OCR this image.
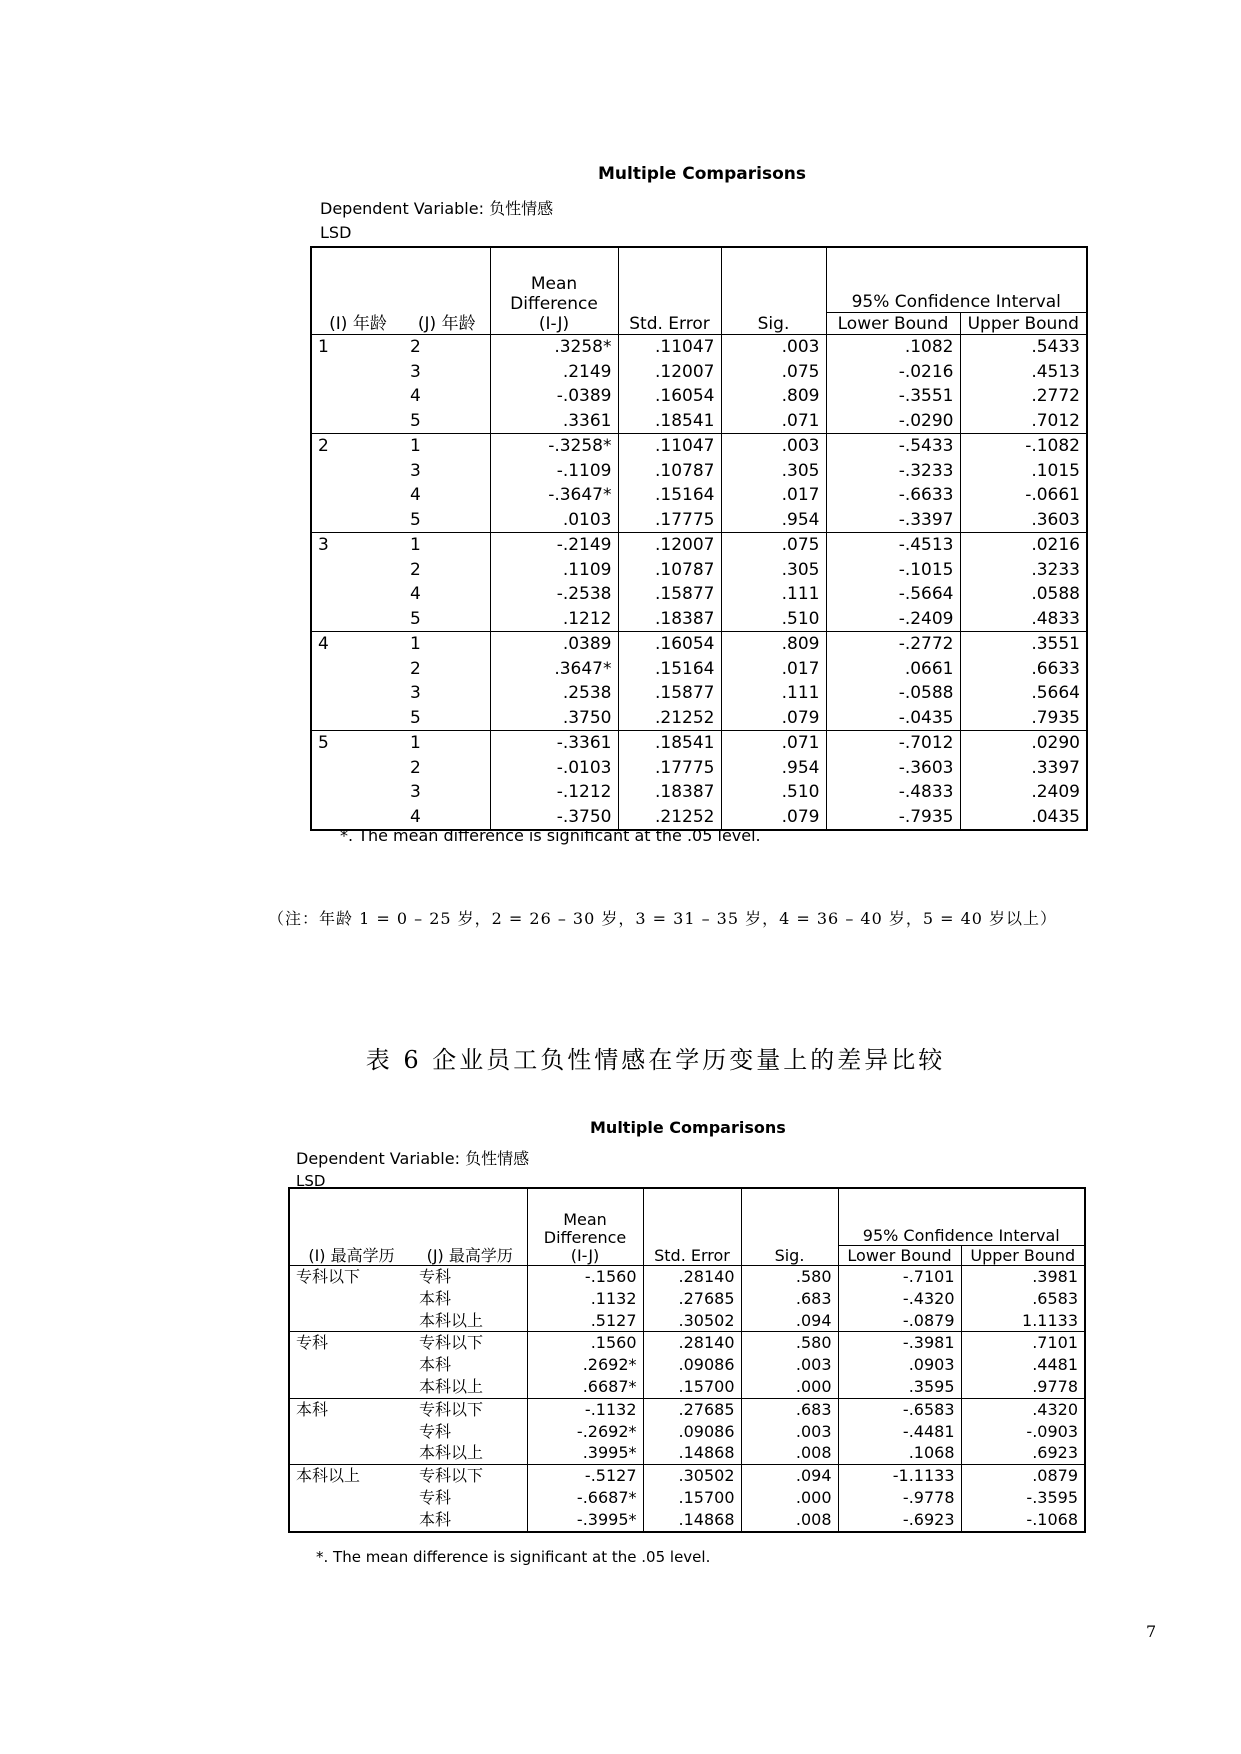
Multiple Comparisons
Dependent Variable: 负性情感
LSD
(I) 年龄	(J) 年龄	Mean
Difference
(I-J)	Std. Error	Sig.	95% Confidence Interval	
					Lower Bound	Upper Bound
1	2	.3258*	.11047	.003	.1082	.5433
	3	.2149	.12007	.075	-.0216	.4513
	4	-.0389	.16054	.809	-.3551	.2772
	5	.3361	.18541	.071	-.0290	.7012
2	1	-.3258*	.11047	.003	-.5433	-.1082
	3	-.1109	.10787	.305	-.3233	.1015
	4	-.3647*	.15164	.017	-.6633	-.0661
	5	.0103	.17775	.954	-.3397	.3603
3	1	-.2149	.12007	.075	-.4513	.0216
	2	.1109	.10787	.305	-.1015	.3233
	4	-.2538	.15877	.111	-.5664	.0588
	5	.1212	.18387	.510	-.2409	.4833
4	1	.0389	.16054	.809	-.2772	.3551
	2	.3647*	.15164	.017	.0661	.6633
	3	.2538	.15877	.111	-.0588	.5664
	5	.3750	.21252	.079	-.0435	.7935
5	1	-.3361	.18541	.071	-.7012	.0290
	2	-.0103	.17775	.954	-.3603	.3397
	3	-.1212	.18387	.510	-.4833	.2409
	4	-.3750	.21252	.079	-.7935	.0435
*. The mean difference is significant at the .05 level.
（注：年龄 1 = 0 – 25 岁，2 = 26 – 30 岁，3 = 31 – 35 岁，4 = 36 – 40 岁，5 = 40 岁以上）
表 6 企业员工负性情感在学历变量上的差异比较
Multiple Comparisons
Dependent Variable: 负性情感
LSD
(I) 最高学历	(J) 最高学历	Mean
Difference
(I-J)	Std. Error	Sig.	95% Confidence Interval	
					Lower Bound	Upper Bound
专科以下	专科	-.1560	.28140	.580	-.7101	.3981
	本科	.1132	.27685	.683	-.4320	.6583
	本科以上	.5127	.30502	.094	-.0879	1.1133
专科	专科以下	.1560	.28140	.580	-.3981	.7101
	本科	.2692*	.09086	.003	.0903	.4481
	本科以上	.6687*	.15700	.000	.3595	.9778
本科	专科以下	-.1132	.27685	.683	-.6583	.4320
	专科	-.2692*	.09086	.003	-.4481	-.0903
	本科以上	.3995*	.14868	.008	.1068	.6923
本科以上	专科以下	-.5127	.30502	.094	-1.1133	.0879
	专科	-.6687*	.15700	.000	-.9778	-.3595
	本科	-.3995*	.14868	.008	-.6923	-.1068
*. The mean difference is significant at the .05 level.
7
